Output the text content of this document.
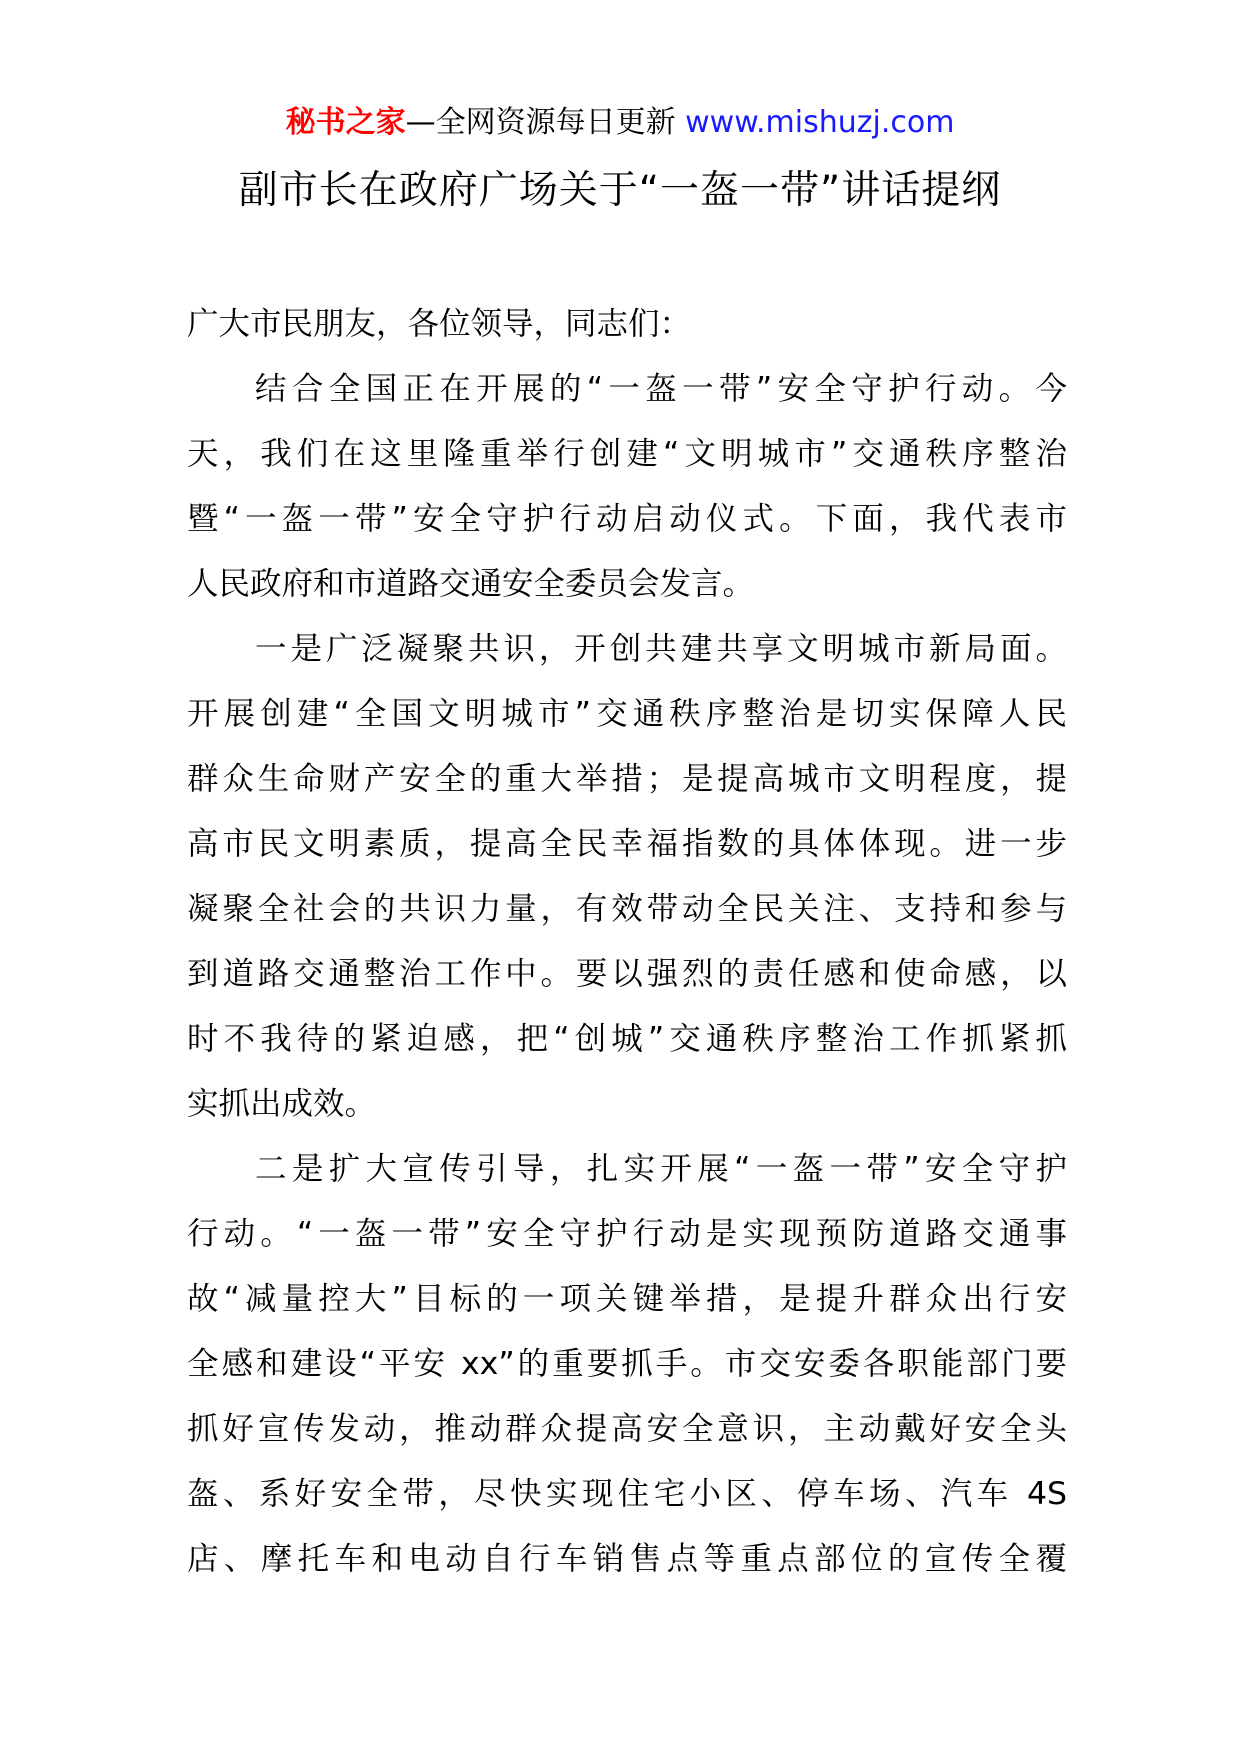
秘书之家—全网资源每日更新 www.mishuzj.com
副市长在政府广场关于“一盔一带”讲话提纲
广大市民朋友，各位领导，同志们：
结合全国正在开展的“一盔一带”安全守护行动。今
天，我们在这里隆重举行创建“文明城市”交通秩序整治
暨“一盔一带”安全守护行动启动仪式。下面，我代表市
人民政府和市道路交通安全委员会发言。
一是广泛凝聚共识，开创共建共享文明城市新局面。
开展创建“全国文明城市”交通秩序整治是切实保障人民
群众生命财产安全的重大举措；是提高城市文明程度，提
高市民文明素质，提高全民幸福指数的具体体现。进一步
凝聚全社会的共识力量，有效带动全民关注、支持和参与
到道路交通整治工作中。要以强烈的责任感和使命感，以
时不我待的紧迫感，把“创城”交通秩序整治工作抓紧抓
实抓出成效。
二是扩大宣传引导，扎实开展“一盔一带”安全守护
行动。“一盔一带”安全守护行动是实现预防道路交通事
故“减量控大”目标的一项关键举措，是提升群众出行安
全感和建设“平安 xx”的重要抓手。市交安委各职能部门要
抓好宣传发动，推动群众提高安全意识，主动戴好安全头
盔、系好安全带，尽快实现住宅小区、停车场、汽车 4S
店、摩托车和电动自行车销售点等重点部位的宣传全覆
